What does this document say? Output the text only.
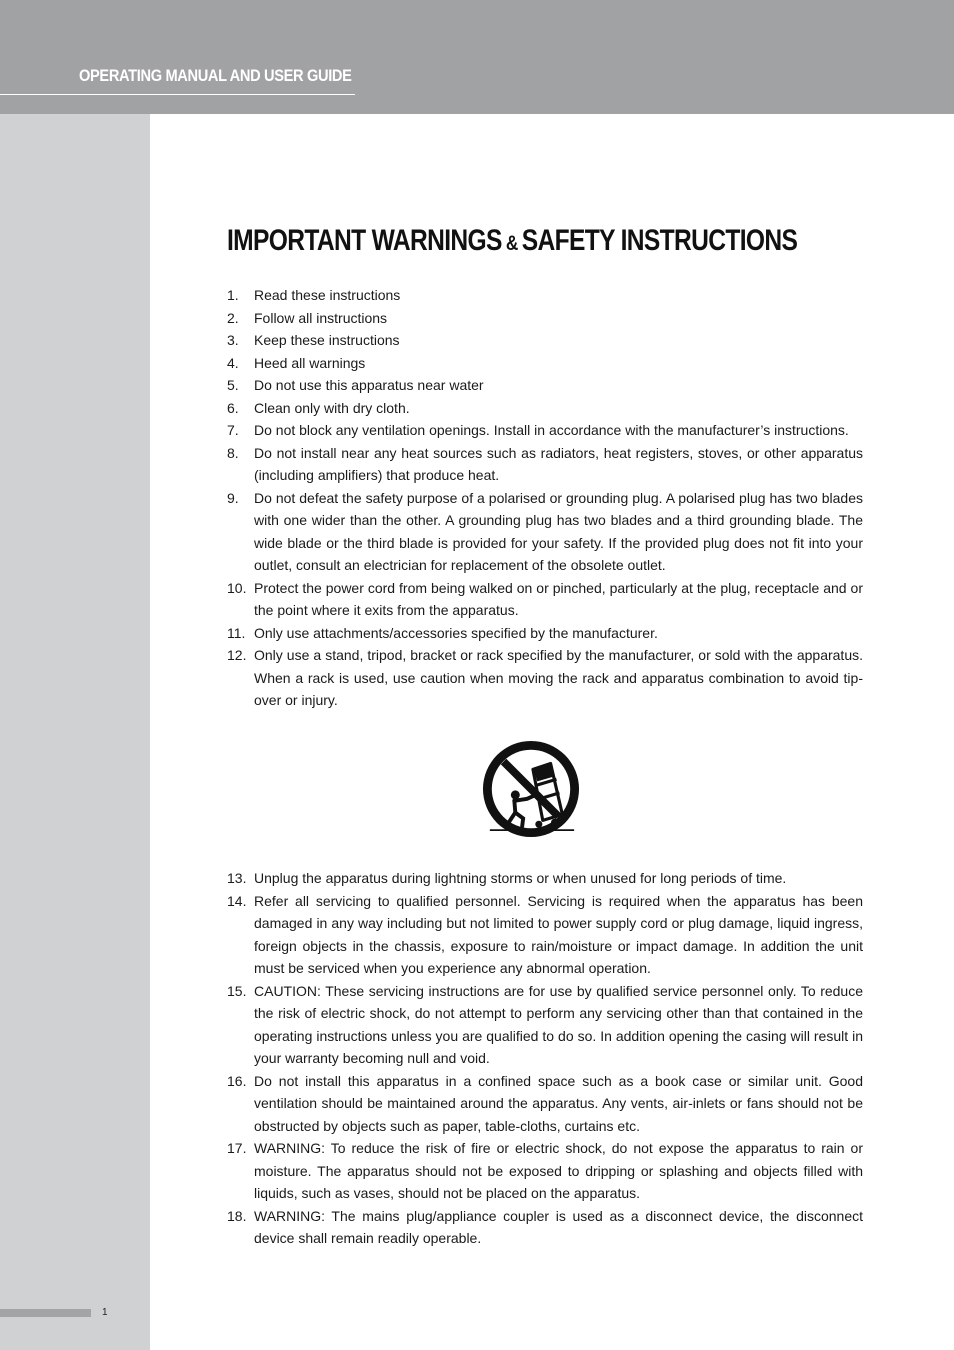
OPERATING MANUAL AND USER GUIDE
1
IMPORTANT WARNINGS & SAFETY INSTRUCTIONS
1. Read these instructions
2. Follow all instructions
3. Keep these instructions
4. Heed all warnings
5. Do not use this apparatus near water
6. Clean only with dry cloth.
7. Do not block any ventilation openings. Install in accordance with the manufacturer’s instructions.
8. Do not install near any heat sources such as radiators, heat registers, stoves, or other apparatus (including amplifiers) that produce heat.
9. Do not defeat the safety purpose of a polarised or grounding plug. A polarised plug has two blades with one wider than the other. A grounding plug has two blades and a third grounding blade. The wide blade or the third blade is provided for your safety. If the provided plug does not fit into your outlet, consult an electrician for replacement of the obsolete outlet.
10. Protect the power cord from being walked on or pinched, particularly at the plug, receptacle and or the point where it exits from the apparatus.
11. Only use attachments/accessories specified by the manufacturer.
12. Only use a stand, tripod, bracket or rack specified by the manufacturer, or sold with the apparatus. When a rack is used, use caution when moving the rack and apparatus combination to avoid tip-over or injury.
13. Unplug the apparatus during lightning storms or when unused for long periods of time.
14. Refer all servicing to qualified personnel. Servicing is required when the apparatus has been damaged in any way including but not limited to power supply cord or plug damage, liquid ingress, foreign objects in the chassis, exposure to rain/moisture or impact damage. In addition the unit must be serviced when you experience any abnormal operation.
15. CAUTION: These servicing instructions are for use by qualified service personnel only. To reduce the risk of electric shock, do not attempt to perform any servicing other than that contained in the operating instructions unless you are qualified to do so. In addition opening the casing will result in your warranty becoming null and void.
16. Do not install this apparatus in a confined space such as a book case or similar unit. Good ventilation should be maintained around the apparatus. Any vents, air-inlets or fans should not be obstructed by objects such as paper, table-cloths, curtains etc.
17. WARNING: To reduce the risk of fire or electric shock, do not expose the apparatus to rain or moisture. The apparatus should not be exposed to dripping or splashing and objects filled with liquids, such as vases, should not be placed on the apparatus.
18. WARNING: The mains plug/appliance coupler is used as a disconnect device, the disconnect device shall remain readily operable.
